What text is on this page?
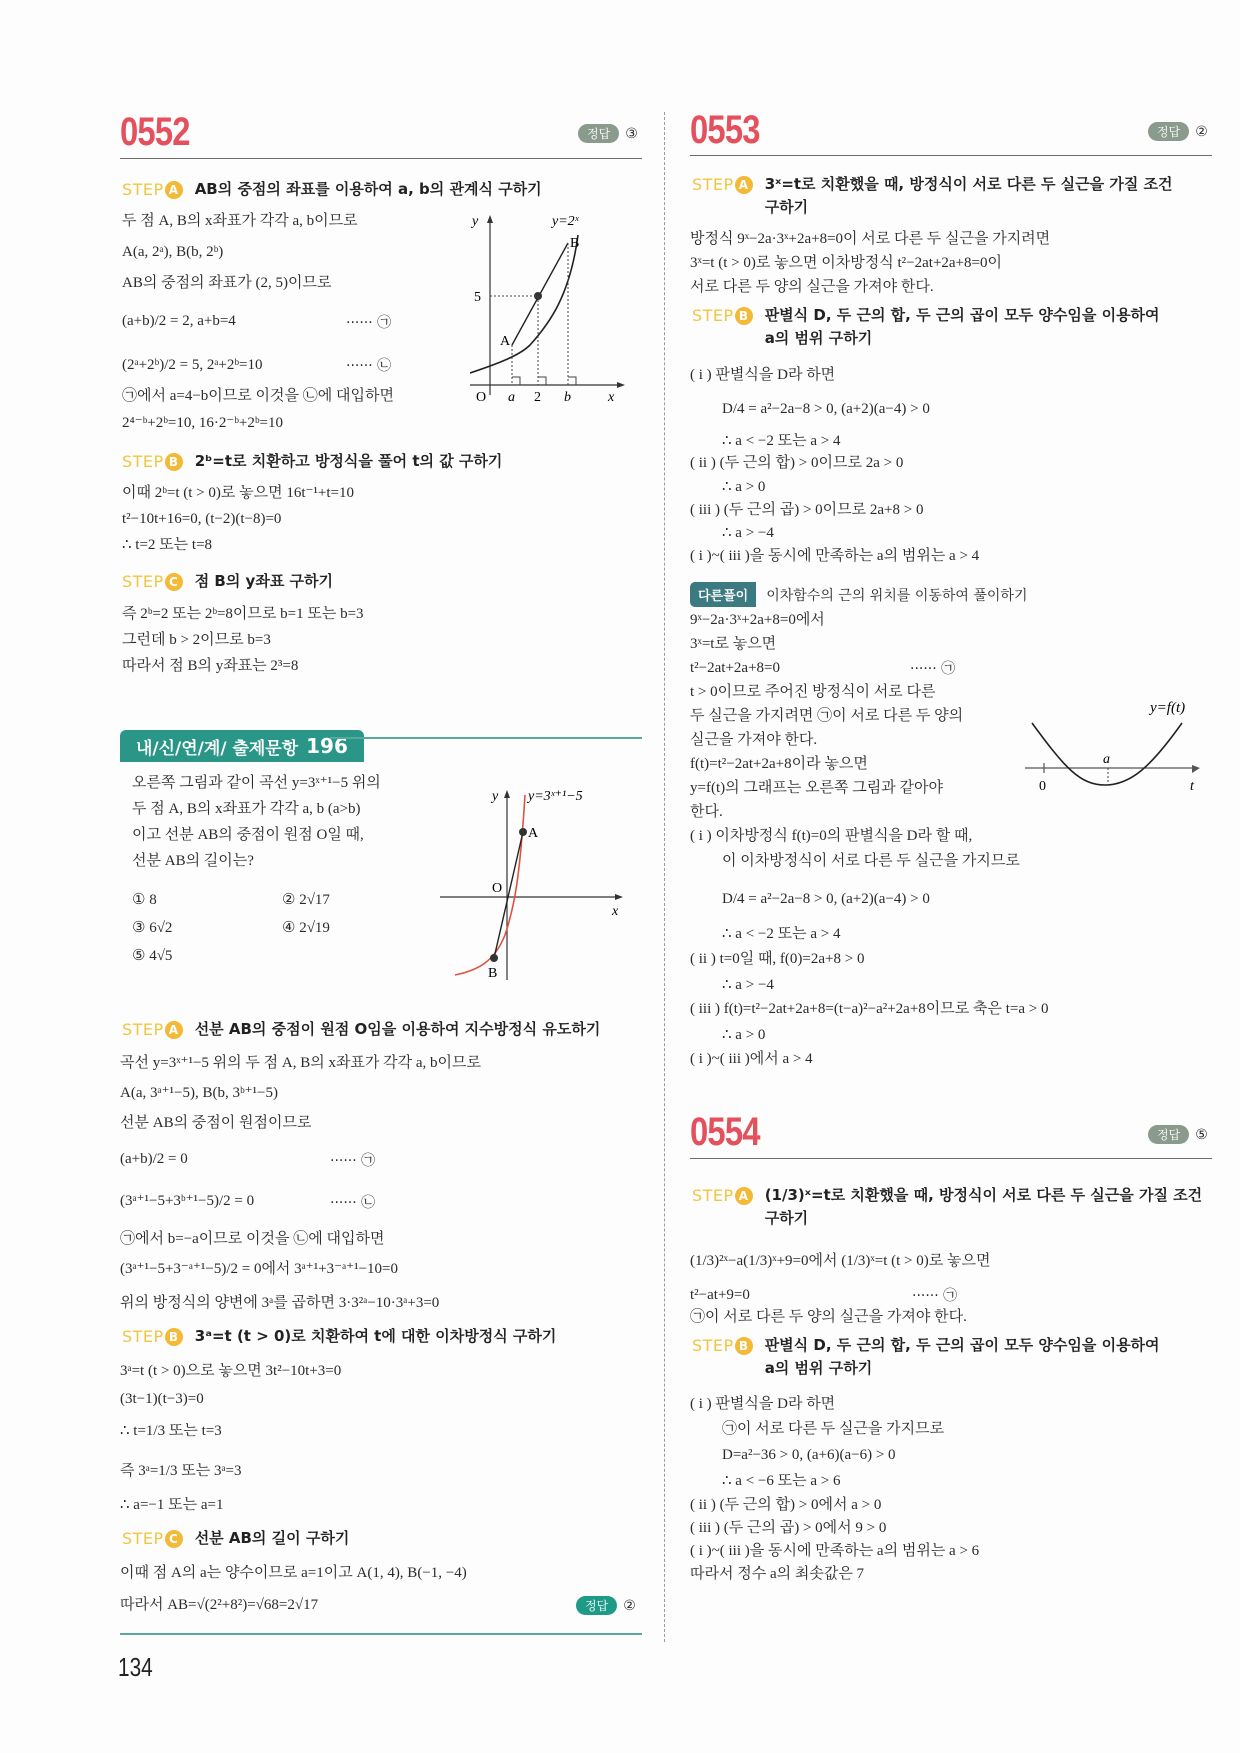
0552	정답	③
STEP A AB의 중점의 좌표를 이용하여 a, b의 관계식 구하기
두 점 A, B의 x좌표가 각각 a, b이므로
A(a, 2ᵃ), B(b, 2ᵇ)
AB의 중점의 좌표가 (2, 5)이므로
(a+b)/2 = 2, a+b=4	······ ㉠
(2ᵃ+2ᵇ)/2 = 5, 2ᵃ+2ᵇ=10	······ ㉡
㉠에서 a=4−b이므로 이것을 ㉡에 대입하면
2⁴⁻ᵇ+2ᵇ=10, 16·2⁻ᵇ+2ᵇ=10
y	y=2ˣ
B
A
5
O a 2 b	x
STEP B 2ᵇ=t로 치환하고 방정식을 풀어 t의 값 구하기
이때 2ᵇ=t (t > 0)로 놓으면 16t⁻¹+t=10
t²−10t+16=0, (t−2)(t−8)=0
∴ t=2 또는 t=8
STEP C 점 B의 y좌표 구하기
즉 2ᵇ=2 또는 2ᵇ=8이므로 b=1 또는 b=3
그런데 b > 2이므로 b=3
따라서 점 B의 y좌표는 2³=8
내/신/연/계/ 출제문항 196
오른쪽 그림과 같이 곡선 y=3ˣ⁺¹−5 위의
두 점 A, B의 x좌표가 각각 a, b (a>b)
이고 선분 AB의 중점이 원점 O일 때,
선분 AB의 길이는?
① 8	② 2√17
③ 6√2	④ 2√19
⑤ 4√5
y y=3ˣ⁺¹−5
A
B
O
x
STEP A 선분 AB의 중점이 원점 O임을 이용하여 지수방정식 유도하기
곡선 y=3ˣ⁺¹−5 위의 두 점 A, B의 x좌표가 각각 a, b이므로
A(a, 3ᵃ⁺¹−5), B(b, 3ᵇ⁺¹−5)
선분 AB의 중점이 원점이므로
(a+b)/2 = 0	······ ㉠
(3ᵃ⁺¹−5+3ᵇ⁺¹−5)/2 = 0	······ ㉡
㉠에서 b=−a이므로 이것을 ㉡에 대입하면
(3ᵃ⁺¹−5+3⁻ᵃ⁺¹−5)/2 = 0에서 3ᵃ⁺¹+3⁻ᵃ⁺¹−10=0
위의 방정식의 양변에 3ᵃ를 곱하면 3·3²ᵃ−10·3ᵃ+3=0
STEP B 3ᵃ=t (t > 0)로 치환하여 t에 대한 이차방정식 구하기
3ᵃ=t (t > 0)으로 놓으면 3t²−10t+3=0
(3t−1)(t−3)=0
∴ t=1/3 또는 t=3
즉 3ᵃ=1/3 또는 3ᵃ=3
∴ a=−1 또는 a=1
STEP C 선분 AB의 길이 구하기
이때 점 A의 a는 양수이므로 a=1이고 A(1, 4), B(−1, −4)
따라서 AB=√(2²+8²)=√68=2√17	정답	②
134
0553	정답	②
STEP A 3ˣ=t로 치환했을 때, 방정식이 서로 다른 두 실근을 가질 조건
구하기
방정식 9ˣ−2a·3ˣ+2a+8=0이 서로 다른 두 실근을 가지려면
3ˣ=t (t > 0)로 놓으면 이차방정식 t²−2at+2a+8=0이
서로 다른 두 양의 실근을 가져야 한다.
STEP B 판별식 D, 두 근의 합, 두 근의 곱이 모두 양수임을 이용하여
a의 범위 구하기
( i ) 판별식을 D라 하면
D/4 = a²−2a−8 > 0, (a+2)(a−4) > 0
∴ a < −2 또는 a > 4
( ii ) (두 근의 합) > 0이므로 2a > 0
∴ a > 0
( iii ) (두 근의 곱) > 0이므로 2a+8 > 0
∴ a > −4
( i )~( iii )을 동시에 만족하는 a의 범위는 a > 4
다른풀이	이차함수의 근의 위치를 이동하여 풀이하기
9ˣ−2a·3ˣ+2a+8=0에서
3ˣ=t로 놓으면
t²−2at+2a+8=0	······ ㉠
t > 0이므로 주어진 방정식이 서로 다른
두 실근을 가지려면 ㉠이 서로 다른 두 양의
실근을 가져야 한다.
f(t)=t²−2at+2a+8이라 놓으면
y=f(t)의 그래프는 오른쪽 그림과 같아야
한다.
( i ) 이차방정식 f(t)=0의 판별식을 D라 할 때,
이 이차방정식이 서로 다른 두 실근을 가지므로
D/4 = a²−2a−8 > 0, (a+2)(a−4) > 0
∴ a < −2 또는 a > 4
( ii ) t=0일 때, f(0)=2a+8 > 0
∴ a > −4
( iii ) f(t)=t²−2at+2a+8=(t−a)²−a²+2a+8이므로 축은 t=a > 0
∴ a > 0
( i )~( iii )에서 a > 4
y=f(t)
a
0	t
0554	정답	⑤
STEP A (1/3)ˣ=t로 치환했을 때, 방정식이 서로 다른 두 실근을 가질 조건
구하기
(1/3)²ˣ−a(1/3)ˣ+9=0에서 (1/3)ˣ=t (t > 0)로 놓으면
t²−at+9=0	······ ㉠
㉠이 서로 다른 두 양의 실근을 가져야 한다.
STEP B 판별식 D, 두 근의 합, 두 근의 곱이 모두 양수임을 이용하여
a의 범위 구하기
( i ) 판별식을 D라 하면
㉠이 서로 다른 두 실근을 가지므로
D=a²−36 > 0, (a+6)(a−6) > 0
∴ a < −6 또는 a > 6
( ii ) (두 근의 합) > 0에서 a > 0
( iii ) (두 근의 곱) > 0에서 9 > 0
( i )~( iii )을 동시에 만족하는 a의 범위는 a > 6
따라서 정수 a의 최솟값은 7
